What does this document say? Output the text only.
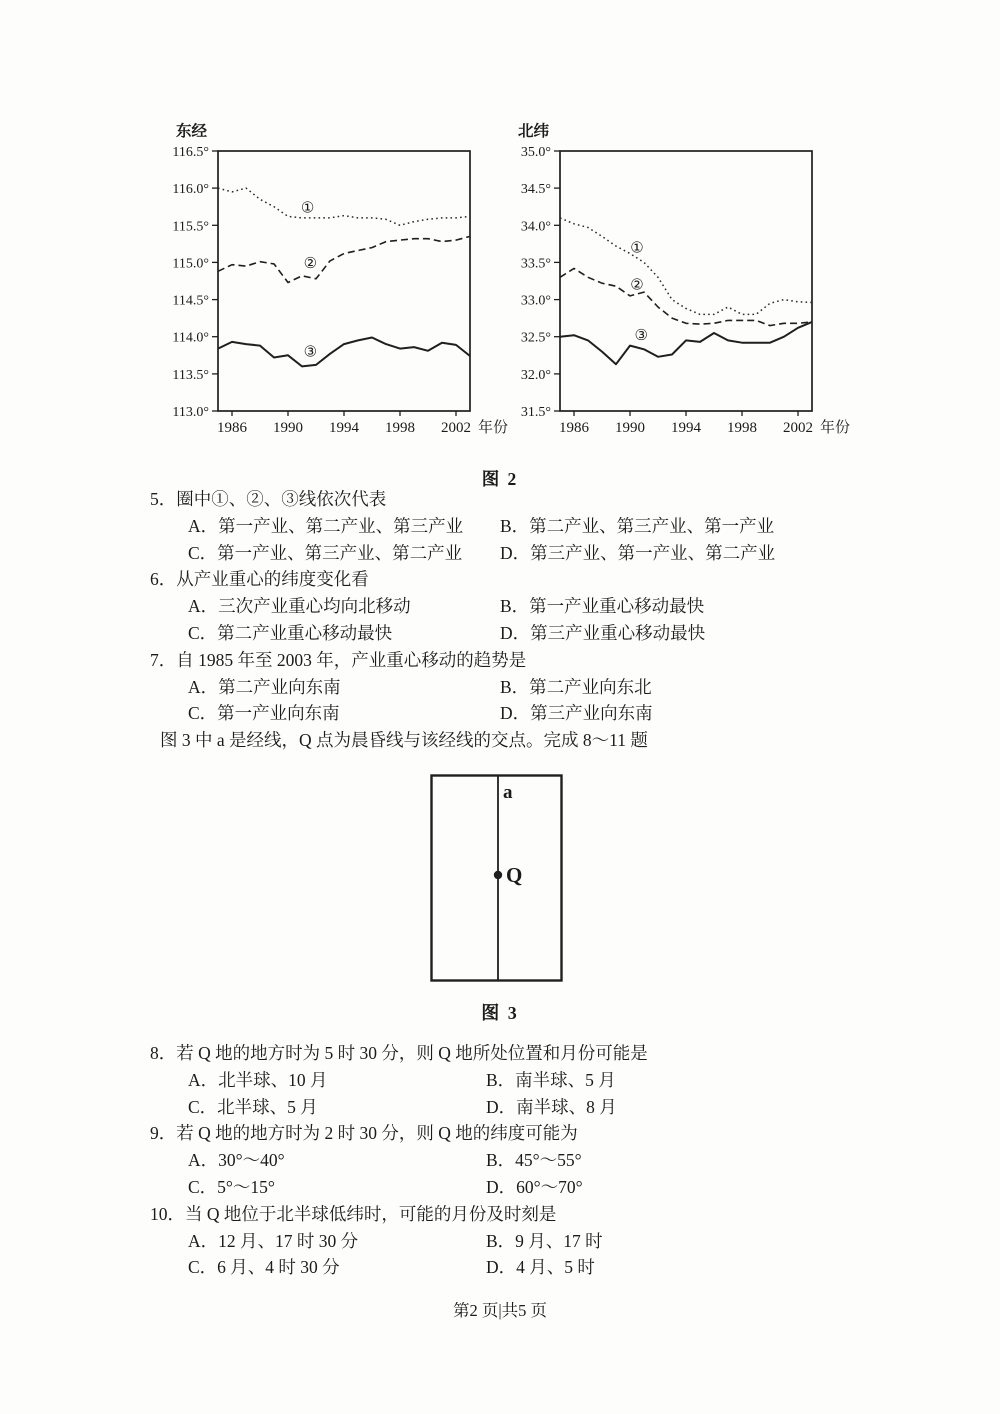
东经
116.5°
116.0°
115.5°
115.0°
114.5°
114.0°
113.5°
113.0°
1986 1990 1994 1998 2002 年份
①
②
③
北纬
35.0°
34.5°
34.0°
33.5°
33.0°
32.5°
32.0°
31.5°
1986 1990 1994 1998 2002 年份
①
②
③
图 2
5．圈中①、②、③线依次代表
A．第一产业、第二产业、第三产业 B．第二产业、第三产业、第一产业
C．第一产业、第三产业、第二产业 D．第三产业、第一产业、第二产业
6．从产业重心的纬度变化看
A．三次产业重心均向北移动	B．第一产业重心移动最快
C．第二产业重心移动最快	D．第三产业重心移动最快
7．自 1985 年至 2003 年，产业重心移动的趋势是
A．第二产业向东南	B．第二产业向东北
C．第一产业向东南	D．第三产业向东南
图 3 中 a 是经线，Q 点为晨昏线与该经线的交点。完成 8～11 题
a
Q
图 3
8．若 Q 地的地方时为 5 时 30 分，则 Q 地所处位置和月份可能是
A．北半球、10 月	B．南半球、5 月
C．北半球、5 月	D．南半球、8 月
9．若 Q 地的地方时为 2 时 30 分，则 Q 地的纬度可能为
A．30°～40°	B．45°～55°
C．5°～15°	D．60°～70°
10．当 Q 地位于北半球低纬时，可能的月份及时刻是
A．12 月、17 时 30 分	B．9 月、17 时
C．6 月、4 时 30 分	D．4 月、5 时
第2 页|共5 页
